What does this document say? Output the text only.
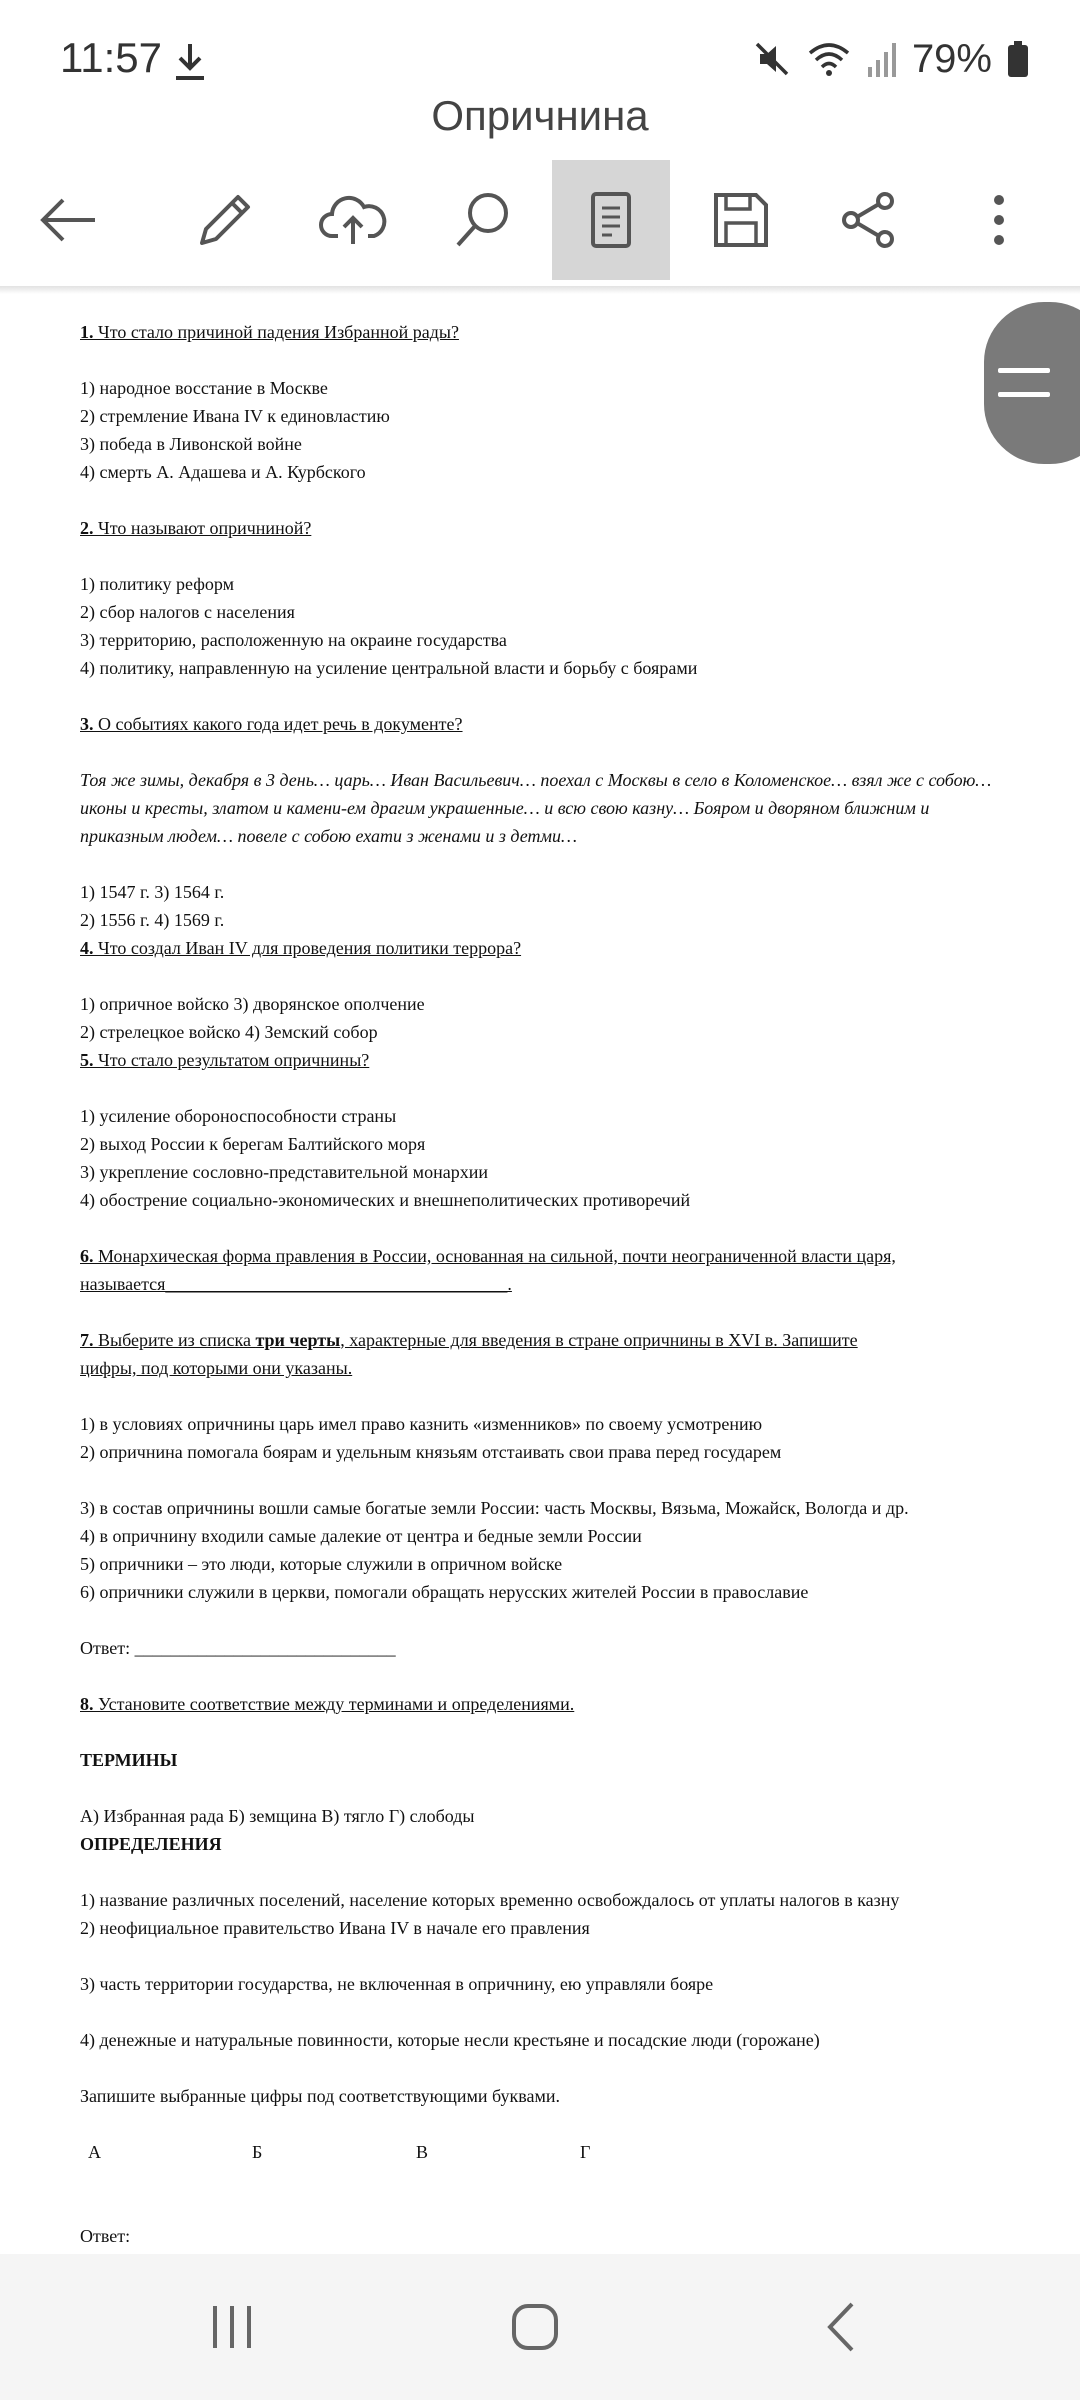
11:57	79%
Опричнина

1. Что стало причиной падения Избранной рады?

1) народное восстание в Москве

2) стремление Ивана IV к единовластию

3) победа в Ливонской войне

4) смерть А. Адашева и А. Курбского

2. Что называют опричниной?

1) политику реформ

2) сбор налогов с населения

3) территорию, расположенную на окраине государства

4) политику, направленную на усиление центральной власти и борьбу с боярами

3. О событиях какого года идет речь в документе?

Тоя же зимы, декабря в 3 день… царь… Иван Васильевич… поехал с Москвы в село в Коломенское… взял же с собою… иконы и кресты, златом и камени-ем драгим украшенные… и всю свою казну… Бояром и дворяном ближним и приказным людем… повеле с собою ехати з женами и з детми…

1) 1547 г. 3) 1564 г.

2) 1556 г. 4) 1569 г.

4. Что создал Иван IV для проведения политики террора?

1) опричное войско 3) дворянское ополчение

2) стрелецкое войско 4) Земский собор

5. Что стало результатом опричнины?

1) усиление обороноспособности страны

2) выход России к берегам Балтийского моря

3) укрепление сословно-представительной монархии

4) обострение социально-экономических и внешнеполитических противоречий

6. Монархическая форма правления в России, основанная на сильной, почти неограниченной власти царя,

называется______________________________________.

7. Выберите из списка три черты, характерные для введения в стране опричнины в XVI в. Запишите

цифры, под которыми они указаны.

1) в условиях опричнины царь имел право казнить «изменников» по своему усмотрению

2) опричнина помогала боярам и удельным князьям отстаивать свои права перед государем

3) в состав опричнины вошли самые богатые земли России: часть Москвы, Вязьма, Можайск, Вологда и др.

4) в опричнину входили самые далекие от центра и бедные земли России

5) опричники – это люди, которые служили в опричном войске

6) опричники служили в церкви, помогали обращать нерусских жителей России в православие

Ответ: _____________________________

8. Установите соответствие между терминами и определениями.

ТЕРМИНЫ

А) Избранная рада Б) земщина В) тягло Г) слободы

ОПРЕДЕЛЕНИЯ

1) название различных поселений, население которых временно освобождалось от уплаты налогов в казну

2) неофициальное правительство Ивана IV в начале его правления

3) часть территории государства, не включенная в опричнину, ею управляли бояре

4) денежные и натуральные повинности, которые несли крестьяне и посадские люди (горожане)

Запишите выбранные цифры под соответствующими буквами.

А	Б	В	Г

Ответ:
